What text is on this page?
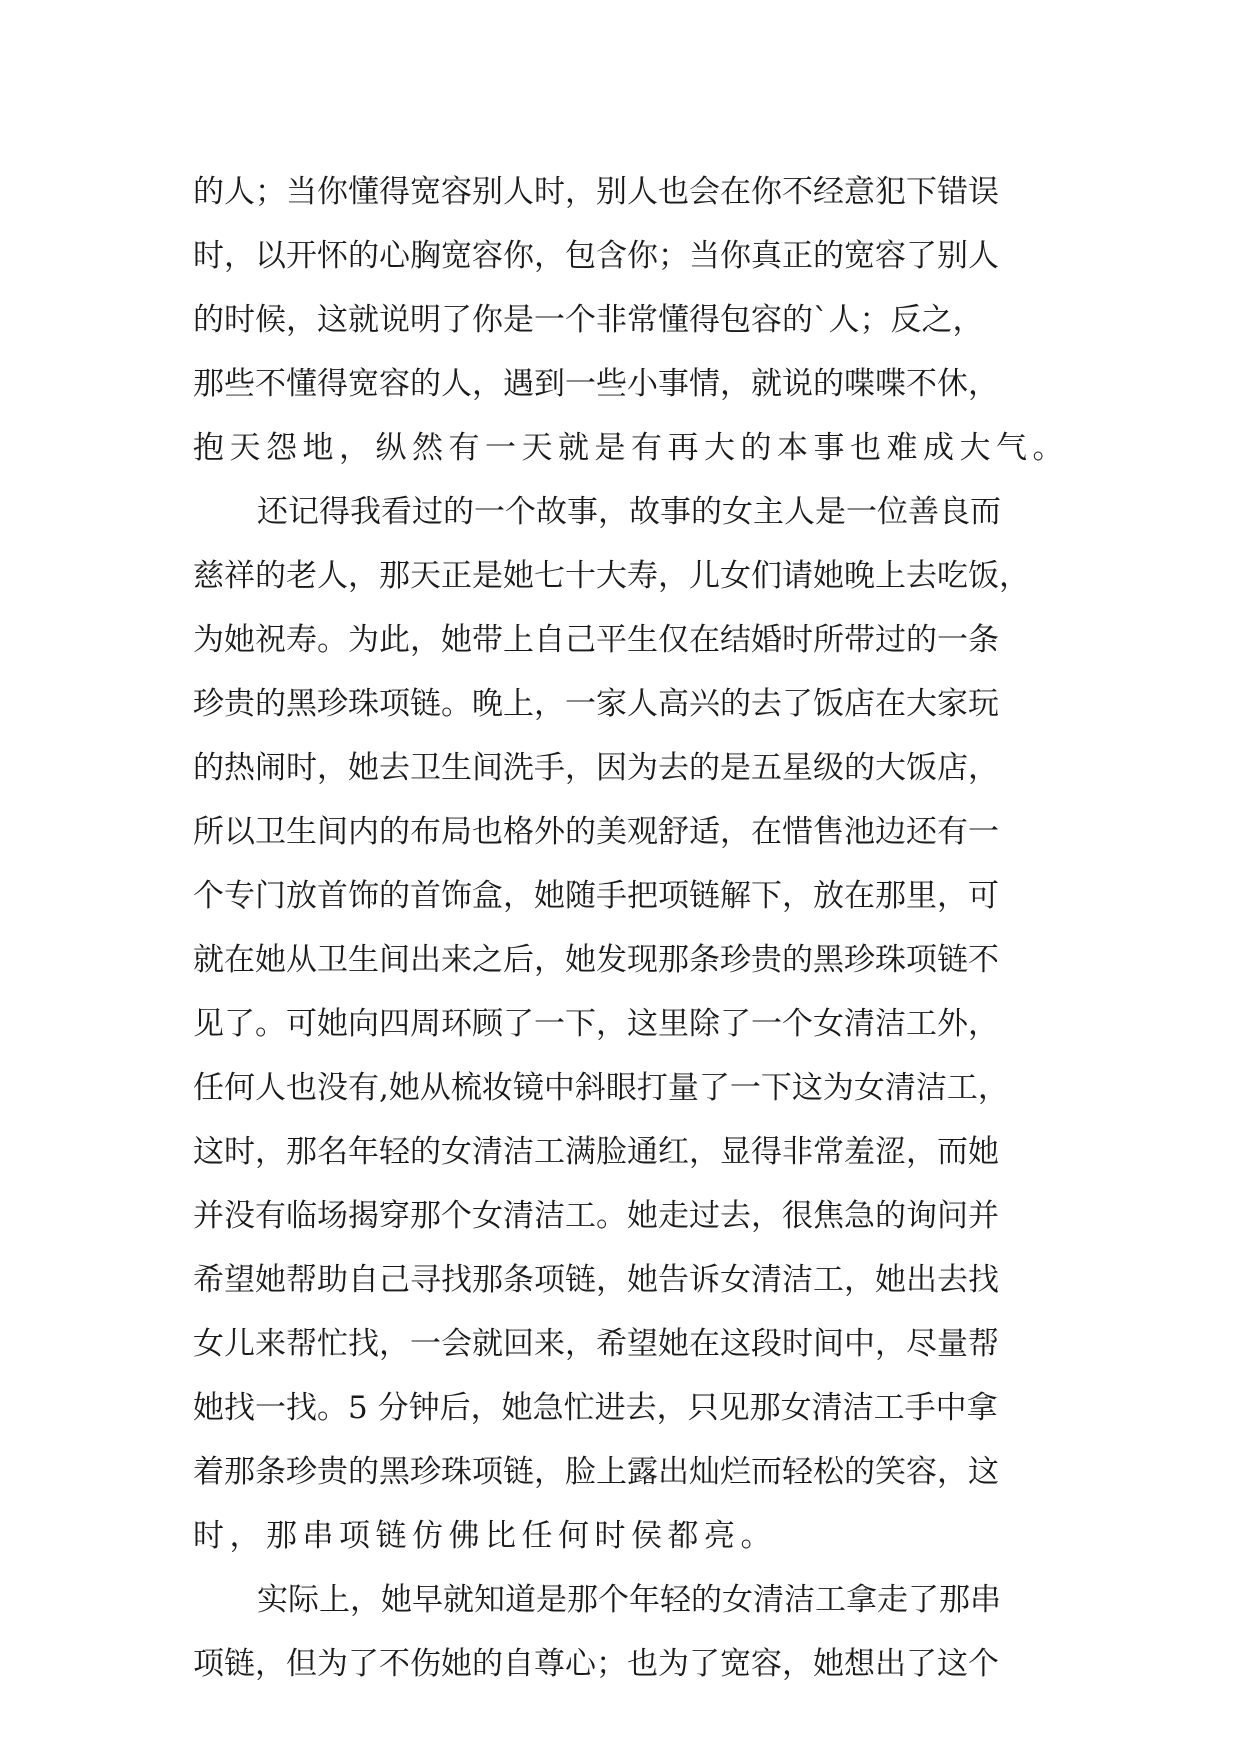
的人；当你懂得宽容别人时，别人也会在你不经意犯下错误
时，以开怀的心胸宽容你，包含你；当你真正的宽容了别人
的时候，这就说明了你是一个非常懂得包容的`人；反之，
那些不懂得宽容的人，遇到一些小事情，就说的喋喋不休，
抱天怨地，纵然有一天就是有再大的本事也难成大气。
还记得我看过的一个故事，故事的女主人是一位善良而
慈祥的老人，那天正是她七十大寿，儿女们请她晚上去吃饭，
为她祝寿。为此，她带上自己平生仅在结婚时所带过的一条
珍贵的黑珍珠项链。晚上，一家人高兴的去了饭店在大家玩
的热闹时，她去卫生间洗手，因为去的是五星级的大饭店，
所以卫生间内的布局也格外的美观舒适，在惜售池边还有一
个专门放首饰的首饰盒，她随手把项链解下，放在那里，可
就在她从卫生间出来之后，她发现那条珍贵的黑珍珠项链不
见了。可她向四周环顾了一下，这里除了一个女清洁工外，
任何人也没有,她从梳妆镜中斜眼打量了一下这为女清洁工，
这时，那名年轻的女清洁工满脸通红，显得非常羞涩，而她
并没有临场揭穿那个女清洁工。她走过去，很焦急的询问并
希望她帮助自己寻找那条项链，她告诉女清洁工，她出去找
女儿来帮忙找，一会就回来，希望她在这段时间中，尽量帮
她找一找。5 分钟后，她急忙进去，只见那女清洁工手中拿
着那条珍贵的黑珍珠项链，脸上露出灿烂而轻松的笑容，这
时，那串项链仿佛比任何时侯都亮。
实际上，她早就知道是那个年轻的女清洁工拿走了那串
项链，但为了不伤她的自尊心；也为了宽容，她想出了这个
